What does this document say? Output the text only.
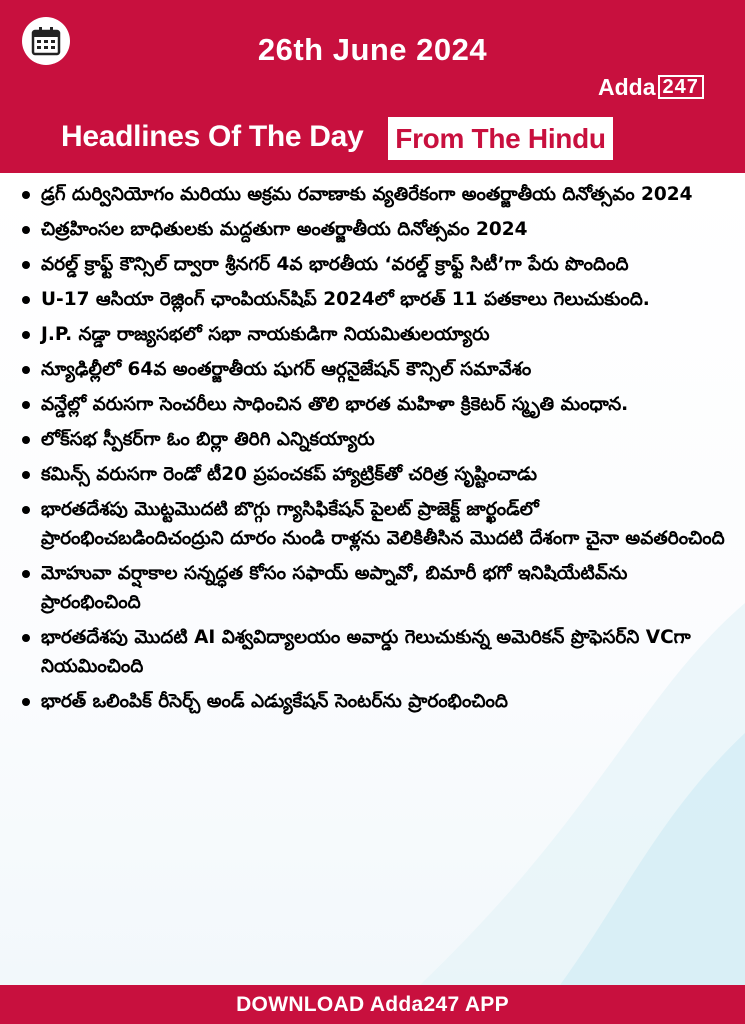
26th June 2024
Adda 247
Headlines Of The Day From The Hindu
డ్రగ్ దుర్వినియోగం మరియు అక్రమ రవాణాకు వ్యతిరేకంగా అంతర్జాతీయ దినోత్సవం 2024
చిత్రహింసల బాధితులకు మద్దతుగా అంతర్జాతీయ దినోత్సవం 2024
వరల్డ్ క్రాఫ్ట్ కౌన్సిల్ ద్వారా శ్రీనగర్ 4వ భారతీయ ‘వరల్డ్ క్రాఫ్ట్ సిటీ’గా పేరు పొందింది
U-17 ఆసియా రెజ్లింగ్ ఛాంపియన్‌షిప్ 2024లో భారత్ 11 పతకాలు గెలుచుకుంది.
J.P. నడ్డా రాజ్యసభలో సభా నాయకుడిగా నియమితులయ్యారు
న్యూఢిల్లీలో 64వ అంతర్జాతీయ షుగర్ ఆర్గనైజేషన్ కౌన్సిల్ సమావేశం
వన్డేల్లో వరుసగా సెంచరీలు సాధించిన తొలి భారత మహిళా క్రికెటర్ స్మృతి మంధాన.
లోక్‌సభ స్పీకర్‌గా ఓం బిర్లా తిరిగి ఎన్నికయ్యారు
కమిన్స్ వరుసగా రెండో టీ20 ప్రపంచకప్ హ్యాట్రిక్‌తో చరిత్ర సృష్టించాడు
భారతదేశపు మొట్టమొదటి బొగ్గు గ్యాసిఫికేషన్ పైలట్ ప్రాజెక్ట్ జార్ఖండ్‌లో ప్రారంభించబడిందిచంద్రుని దూరం నుండి రాళ్లను వెలికితీసిన మొదటి దేశంగా చైనా అవతరించింది
మోహువా వర్షాకాల సన్నద్ధత కోసం సఫాయ్ అప్నావో, బిమారీ భగో ఇనిషియేటివ్‌ను ప్రారంభించింది
భారతదేశపు మొదటి AI విశ్వవిద్యాలయం అవార్డు గెలుచుకున్న అమెరికన్ ప్రొఫెసర్‌ని VCగా నియమించింది
భారత్ ఒలింపిక్ రీసెర్చ్ అండ్ ఎడ్యుకేషన్ సెంటర్‌ను ప్రారంభించింది
DOWNLOAD Adda247 APP
